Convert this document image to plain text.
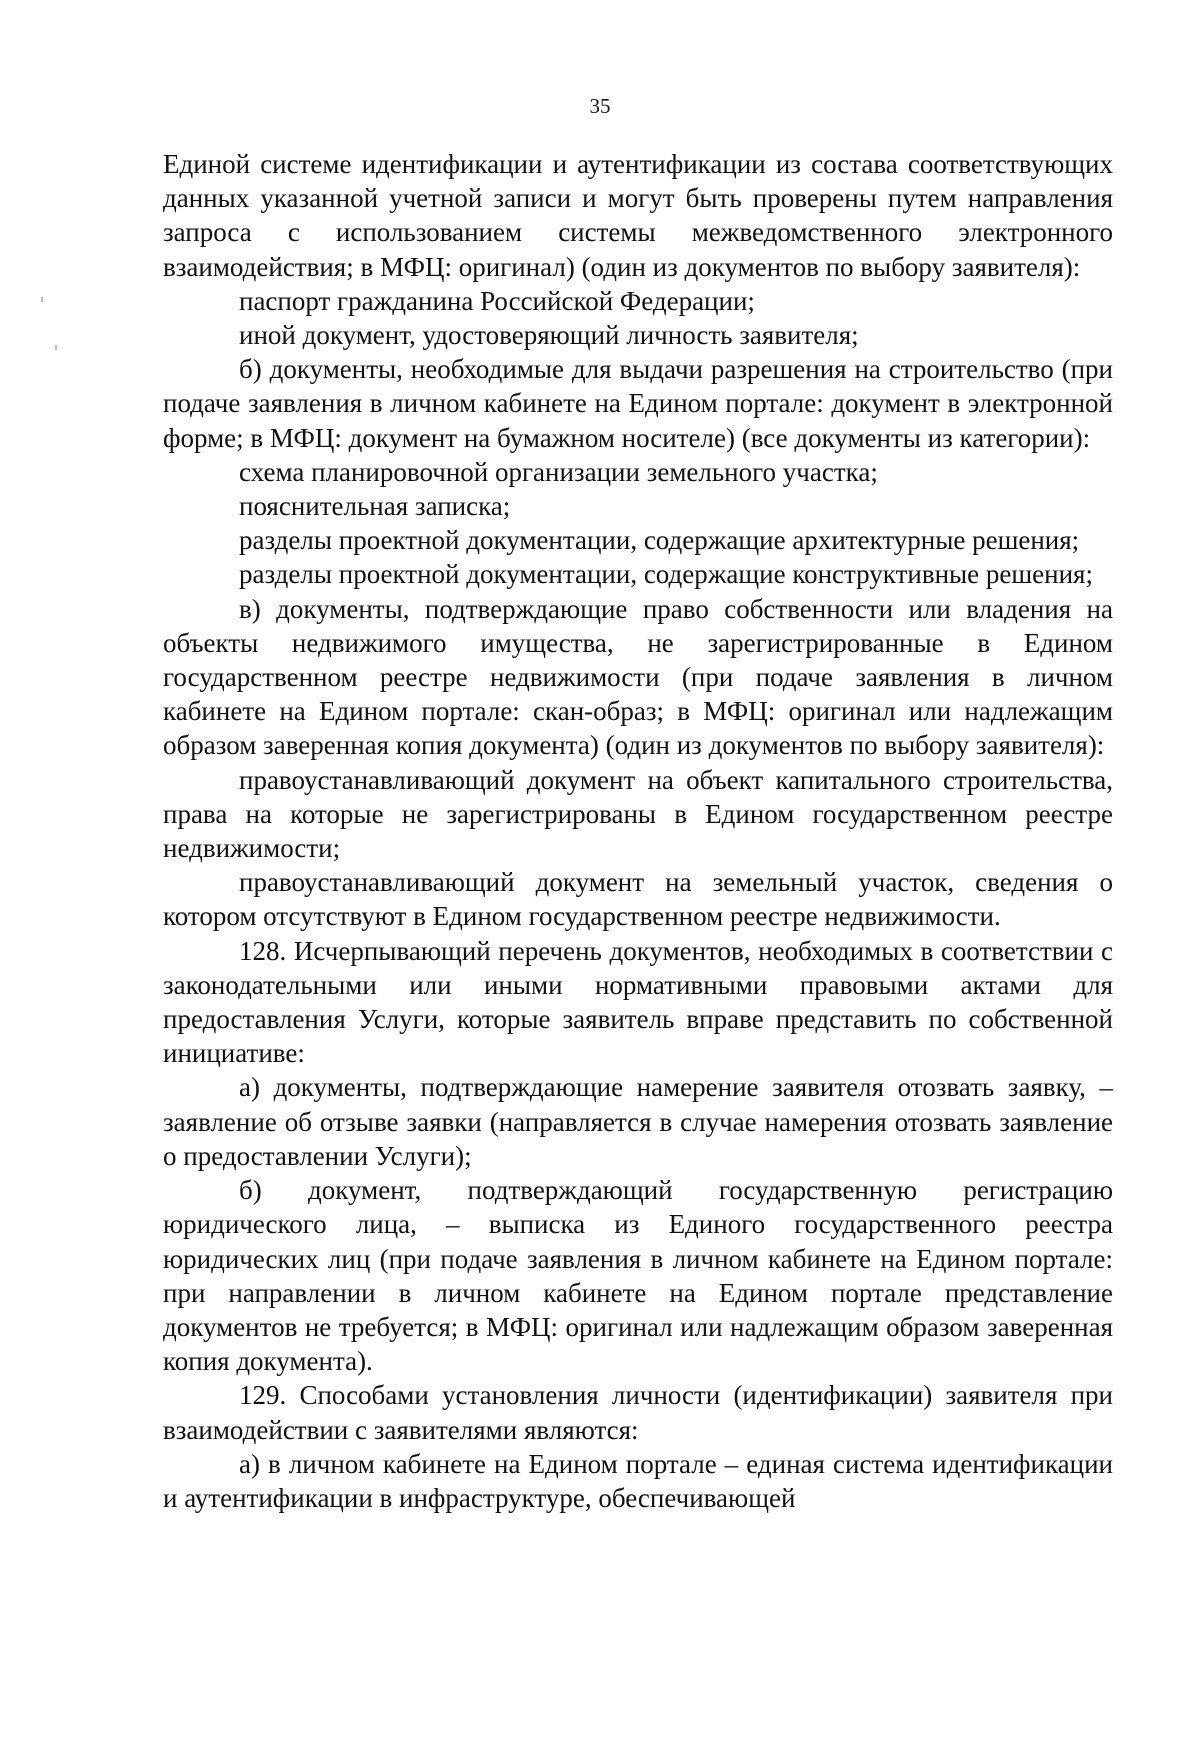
35

Единой системе идентификации и аутентификации из состава соответствующих данных указанной учетной записи и могут быть проверены путем направления запроса с использованием системы межведомственного электронного взаимодействия; в МФЦ: оригинал) (один из документов по выбору заявителя):

паспорт гражданина Российской Федерации;

иной документ, удостоверяющий личность заявителя;

б) документы, необходимые для выдачи разрешения на строительство (при подаче заявления в личном кабинете на Едином портале: документ в электронной форме; в МФЦ: документ на бумажном носителе) (все документы из категории):

схема планировочной организации земельного участка;

пояснительная записка;

разделы проектной документации, содержащие архитектурные решения;

разделы проектной документации, содержащие конструктивные решения;

в) документы, подтверждающие право собственности или владения на объекты недвижимого имущества, не зарегистрированные в Едином государственном реестре недвижимости (при подаче заявления в личном кабинете на Едином портале: скан-образ; в МФЦ: оригинал или надлежащим образом заверенная копия документа) (один из документов по выбору заявителя):

правоустанавливающий документ на объект капитального строительства, права на которые не зарегистрированы в Едином государственном реестре недвижимости;

правоустанавливающий документ на земельный участок, сведения о котором отсутствуют в Едином государственном реестре недвижимости.

128. Исчерпывающий перечень документов, необходимых в соответствии с законодательными или иными нормативными правовыми актами для предоставления Услуги, которые заявитель вправе представить по собственной инициативе:

а) документы, подтверждающие намерение заявителя отозвать заявку, – заявление об отзыве заявки (направляется в случае намерения отозвать заявление о предоставлении Услуги);

б) документ, подтверждающий государственную регистрацию юридического лица, – выписка из Единого государственного реестра юридических лиц (при подаче заявления в личном кабинете на Едином портале: при направлении в личном кабинете на Едином портале представление документов не требуется; в МФЦ: оригинал или надлежащим образом заверенная копия документа).

129. Способами установления личности (идентификации) заявителя при взаимодействии с заявителями являются:

а) в личном кабинете на Едином портале – единая система идентификации и аутентификации в инфраструктуре, обеспечивающей
